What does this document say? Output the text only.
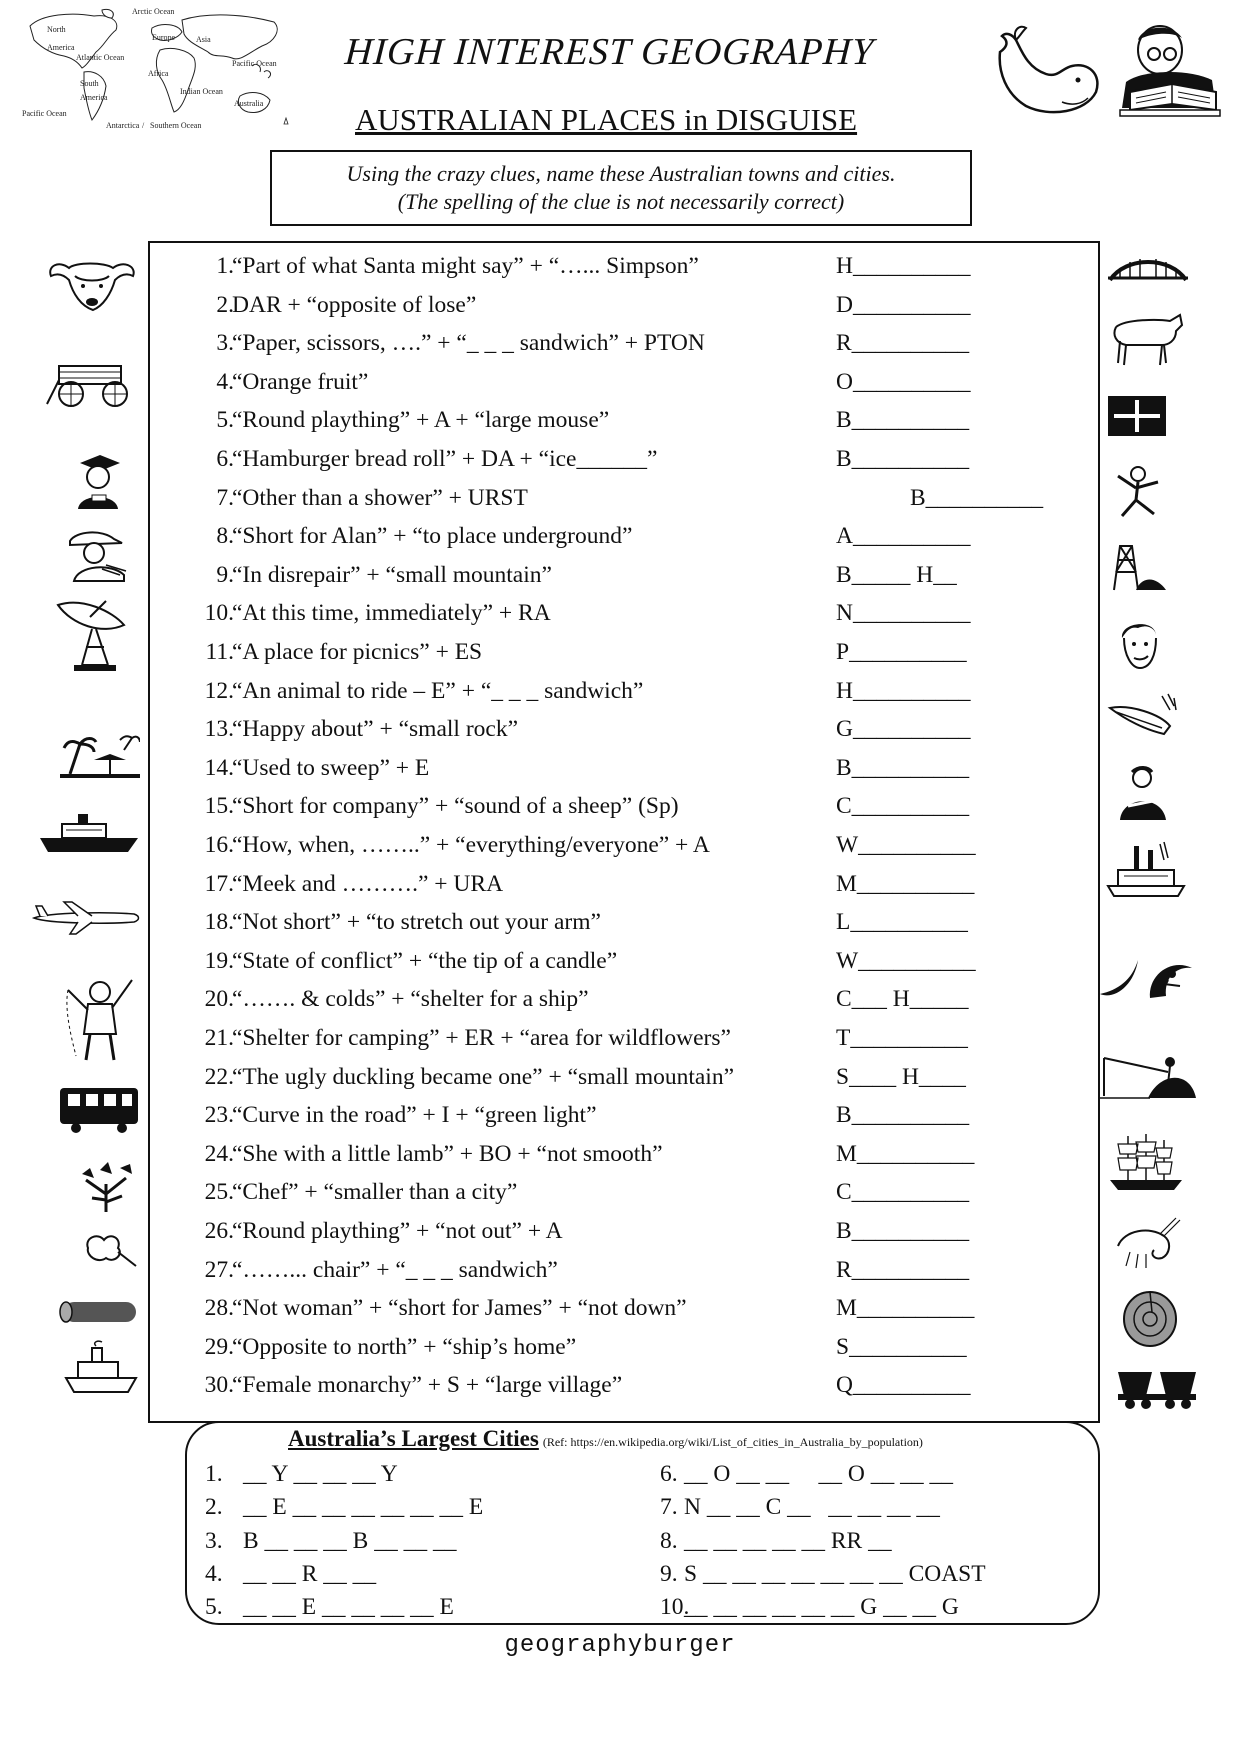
Arctic Ocean
North
America
Europe	Asia
Atlantic Ocean
Pacific Ocean
Africa
South
America
Indian Ocean
Australia
Pacific Ocean
Antarctica / Southern Ocean
HIGH INTEREST GEOGRAPHY
AUSTRALIAN PLACES in DISGUISE
Using the crazy clues, name these Australian towns and cities.
(The spelling of the clue is not necessarily correct)
1.
“Part of what Santa might say” + “…... Simpson”	H__________
2.
DAR + “opposite of lose”	D__________
3.
“Paper, scissors, ….” + “_ _ _ sandwich” + PTON	R__________
4.
“Orange fruit”	O__________
5.
“Round plaything” + A + “large mouse”	B__________
6.
“Hamburger bread roll” + DA + “ice______”	B__________
7.
“Other than a shower” + URST	B__________
8.
“Short for Alan” + “to place underground”	A__________
9.
“In disrepair” + “small mountain”	B_____ H__
10.
“At this time, immediately” + RA	N__________
11.
“A place for picnics” + ES	P__________
12.
“An animal to ride – E” + “_ _ _ sandwich”	H__________
13.
“Happy about” + “small rock”	G__________
14.
“Used to sweep” + E	B__________
15.
“Short for company” + “sound of a sheep” (Sp)	C__________
16.
“How, when, ……..” + “everything/everyone” + A	W__________
17.
“Meek and ……….” + URA	M__________
18.
“Not short” + “to stretch out your arm”	L__________
19.
“State of conflict” + “the tip of a candle”	W__________
20.
“……. & colds” + “shelter for a ship”	C___ H_____
21.
“Shelter for camping” + ER + “area for wildflowers”	T__________
22.
“The ugly duckling became one” + “small mountain”	S____ H____
23.
“Curve in the road” + I + “green light”	B__________
24.
“She with a little lamb” + BO + “not smooth”	M__________
25.
“Chef” + “smaller than a city”	C__________
26.
“Round plaything” + “not out” + A	B__________
27.
“……... chair” + “_ _ _ sandwich”	R__________
28.
“Not woman” + “short for James” + “not down”	M__________
29.
“Opposite to north” + “ship’s home”	S__________
30.
“Female monarchy” + S + “large village”	Q__________
Australia’s Largest Cities (Ref: https://en.wikipedia.org/wiki/List_of_cities_in_Australia_by_population)
geographyburger
1. __ Y __ __ __ Y
2. __ E __ __ __ __ __ __ E
3. B __ __ __ B __ __ __
4. __ __ R __ __
5. __ __ E __ __ __ __ E
6. __ O __ __     __ O __ __ __
7. N __ __ C __   __ __ __ __
8. __ __ __ __ __ RR __
9. S __ __ __ __ __ __ __ COAST
10.
__ __ __ __ __ __ G __ __ G
